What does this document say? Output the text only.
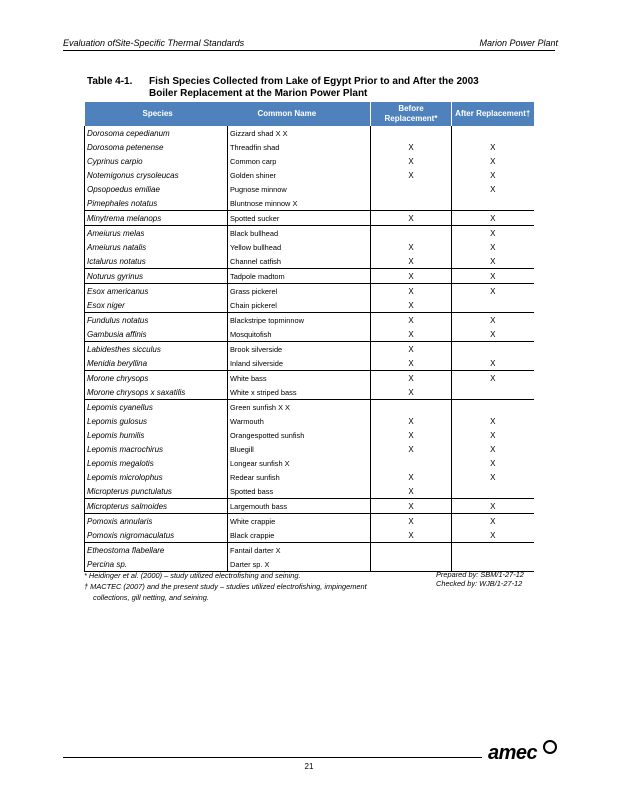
Evaluation ofSite-Specific Thermal Standards	Marion Power Plant
Table 4-1. Fish Species Collected from Lake of Egypt Prior to and After the 2003
Boiler Replacement at the Marion Power Plant
Species	Common Name	Before Replacement*	After Replacement†
Dorosoma cepedianum	Gizzard shad X X		
Dorosoma petenense	Threadfin shad	X	X
Cyprinus carpio	Common carp	X	X
Notemigonus crysoleucas	Golden shiner	X	X
Opsopoedus emiliae	Pugnose minnow		X
Pimephales notatus	Bluntnose minnow X		
Minytrema melanops	Spotted sucker	X	X
Ameiurus melas	Black bullhead		X
Ameiurus natalis	Yellow bullhead	X	X
Ictalurus notatus	Channel catfish	X	X
Noturus gyrinus	Tadpole madtom	X	X
Esox americanus	Grass pickerel	X	X
Esox niger	Chain pickerel	X	
Fundulus notatus	Blackstripe topminnow	X	X
Gambusia affinis	Mosquitofish	X	X
Labidesthes sicculus	Brook silverside	X	
Menidia beryllina	Inland silverside	X	X
Morone chrysops	White bass	X	X
Morone chrysops x saxatilis	White x striped bass	X	
Lepomis cyanellus	Green sunfish X X		
Lepomis gulosus	Warmouth	X	X
Lepomis humilis	Orangespotted sunfish	X	X
Lepomis macrochirus	Bluegill	X	X
Lepomis megalotis	Longear sunfish X		X
Lepomis microlophus	Redear sunfish	X	X
Micropterus punctulatus	Spotted bass	X	
Micropterus salmoides	Largemouth bass	X	X
Pomoxis annularis	White crappie	X	X
Pomoxis nigromaculatus	Black crappie	X	X
Etheostoma flabellare	Fantail darter X		
Percina sp.	Darter sp. X		
* Heidinger et al. (2000) – study utilized electrofishing and seining.
† MACTEC (2007) and the present study – studies utilized electrofishing, impingement collections, gill netting, and seining.
Prepared by: SBM/1-27-12
Checked by: WJB/1-27-12
21
amec
